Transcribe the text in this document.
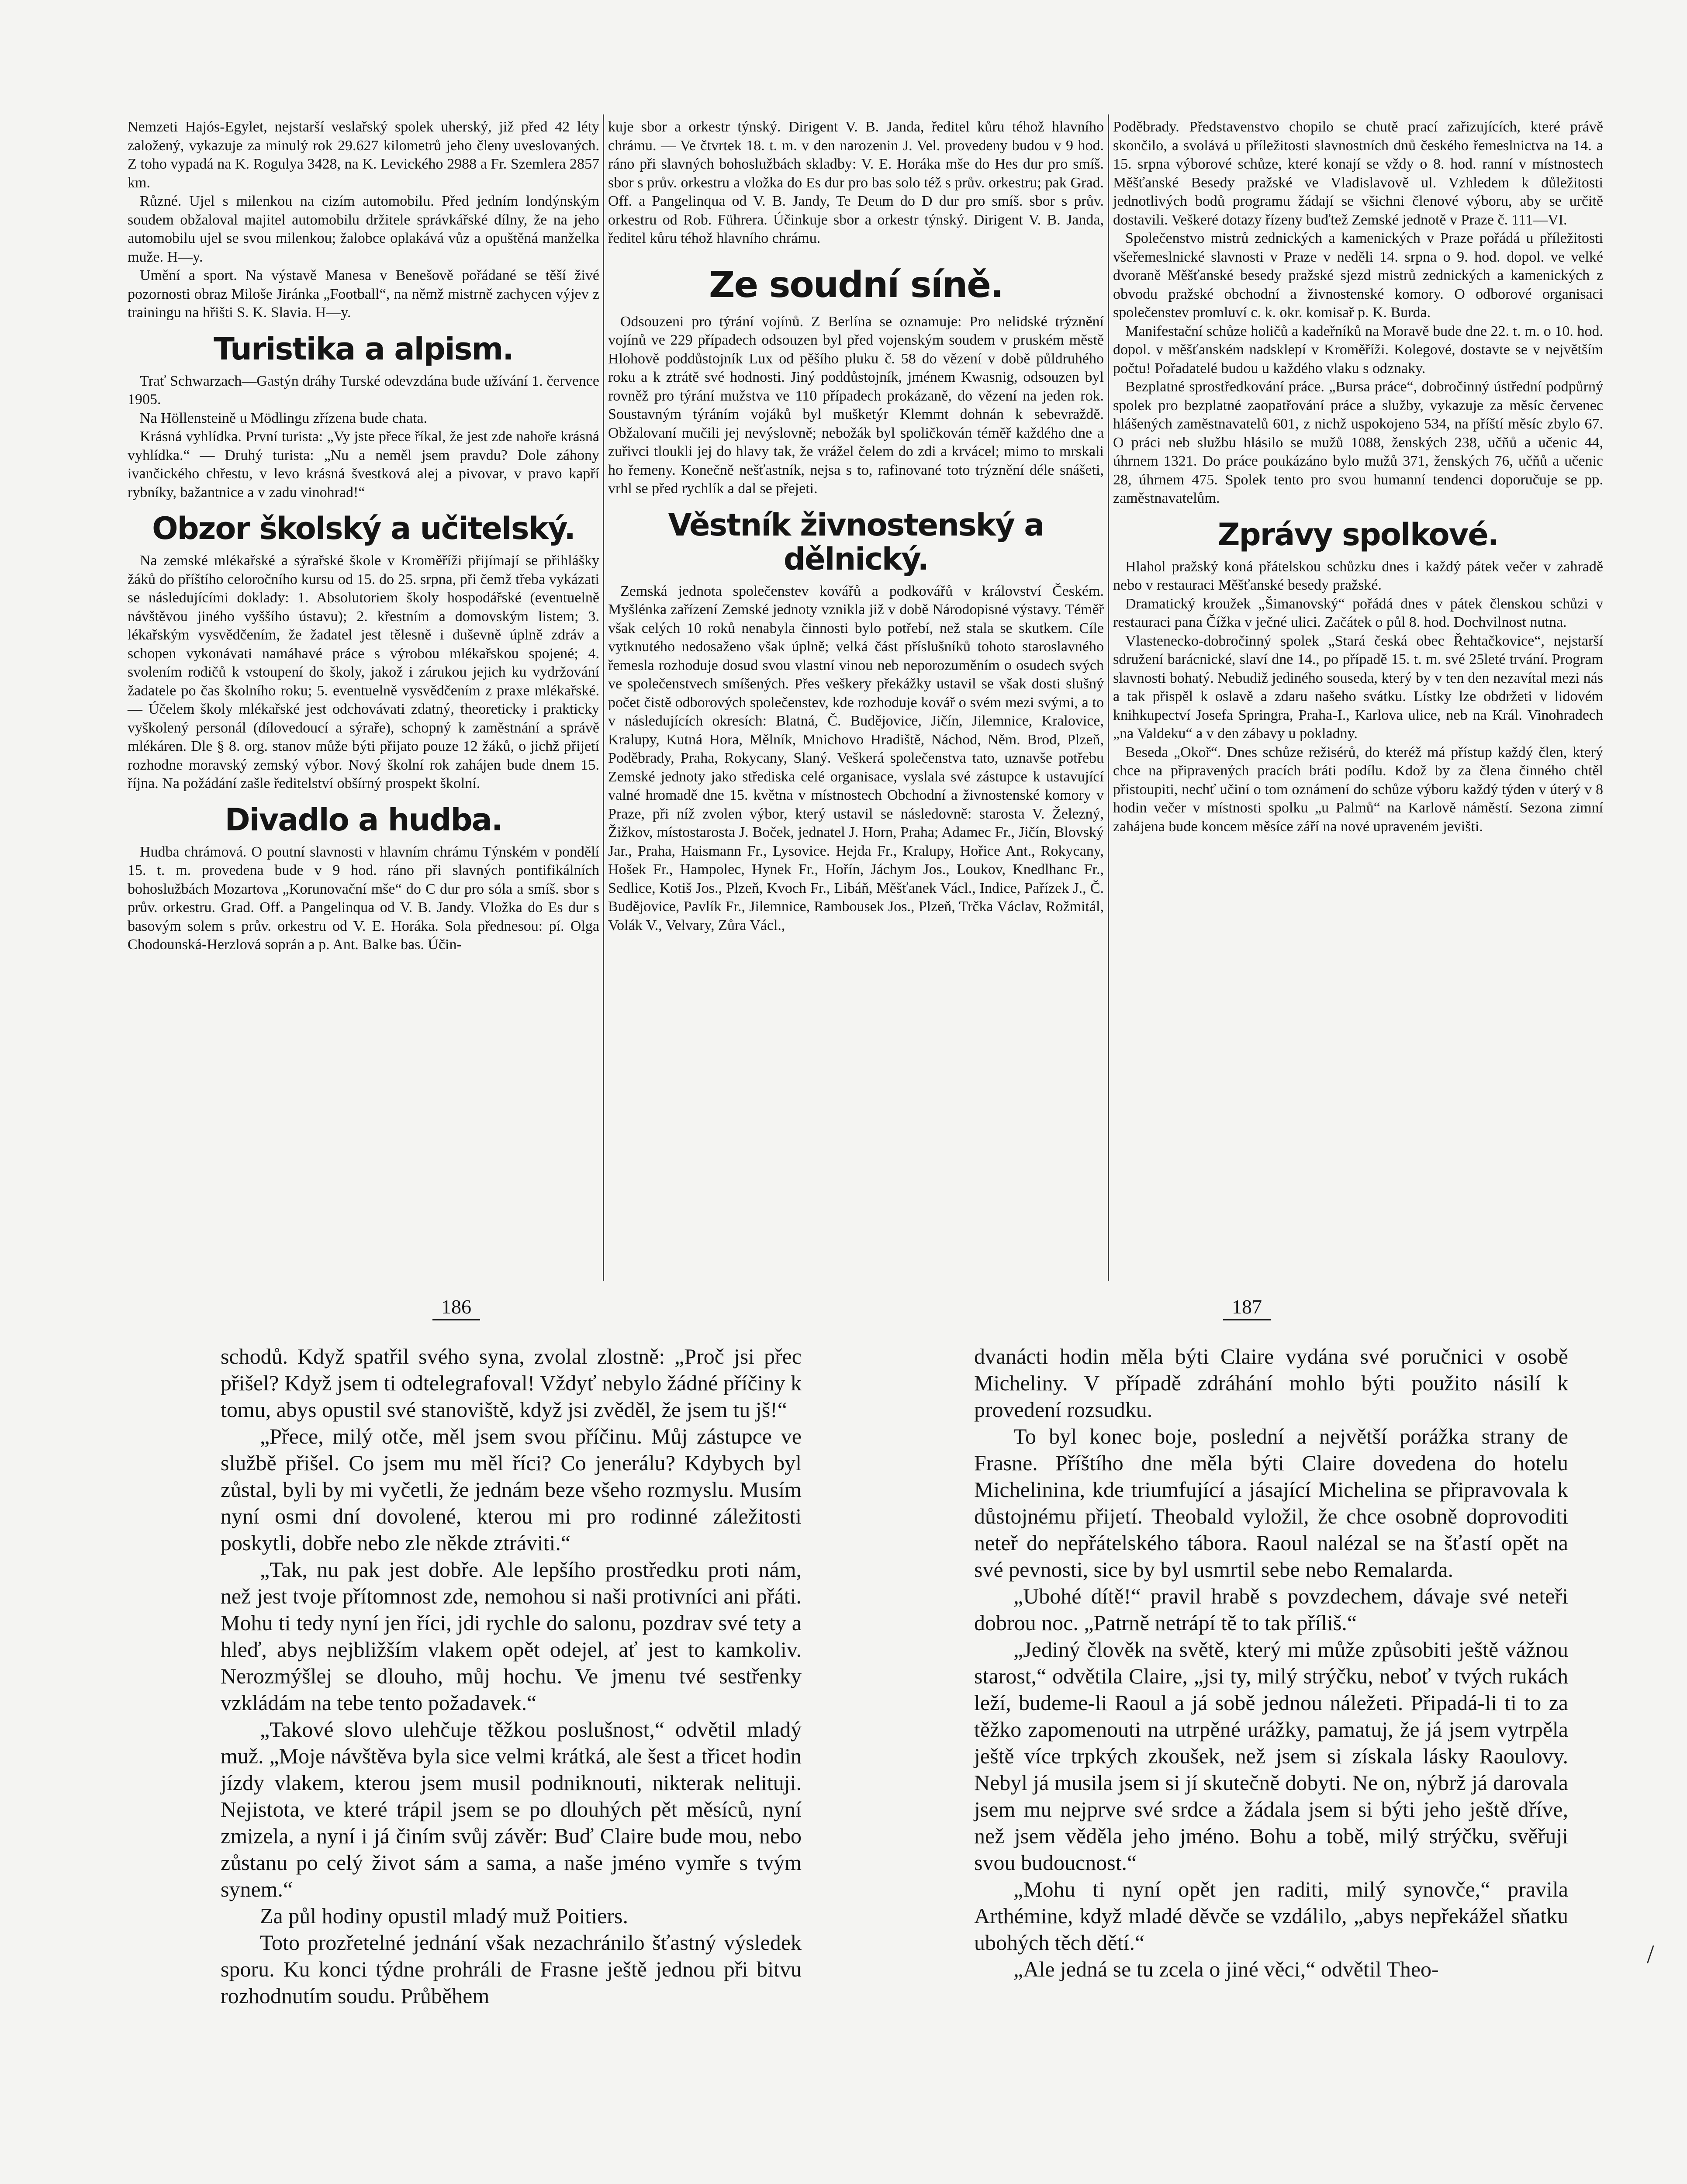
Nemzeti Hajós-Egylet, nejstarší veslařský spolek uherský, již před 42 léty založený, vykazuje za minulý rok 29.627 kilometrů jeho členy uveslovaných. Z toho vypadá na K. Rogulya 3428, na K. Levického 2988 a Fr. Szemlera 2857 km.

Různé. Ujel s milenkou na cizím automobilu. Před jedním londýnským soudem obžaloval majitel automobilu držitele správkářské dílny, že na jeho automobilu ujel se svou milenkou; žalobce oplakává vůz a opuštěná manželka muže. H—y.

Umění a sport. Na výstavě Manesa v Benešově pořádané se těší živé pozornosti obraz Miloše Jiránka „Football“, na němž mistrně zachycen výjev z trainingu na hřišti S. K. Slavia. H—y.

Turistika a alpism.

Trať Schwarzach—Gastýn dráhy Turské odevzdána bude užívání 1. července 1905.

Na Höllensteině u Mödlingu zřízena bude chata.

Krásná vyhlídka. První turista: „Vy jste přece říkal, že jest zde nahoře krásná vyhlídka.“ — Druhý turista: „Nu a neměl jsem pravdu? Dole záhony ivančického chřestu, v levo krásná švestková alej a pivovar, v pravo kapří rybníky, bažantnice a v zadu vinohrad!“

Obzor školský a učitelský.

Na zemské mlékařské a sýrařské škole v Kroměříži přijímají se přihlášky žáků do příštího celoročního kursu od 15. do 25. srpna, při čemž třeba vykázati se následujícími doklady: 1. Absolutoriem školy hospodářské (eventuelně návštěvou jiného vyššího ústavu); 2. křestním a domovským listem; 3. lékařským vysvědčením, že žadatel jest tělesně i duševně úplně zdráv a schopen vykonávati namáhavé práce s výrobou mlékařskou spojené; 4. svolením rodičů k vstoupení do školy, jakož i zárukou jejich ku vydržování žadatele po čas školního roku; 5. eventuelně vysvědčením z praxe mlékařské. — Účelem školy mlékařské jest odchovávati zdatný, theoreticky i prakticky vyškolený personál (dílovedoucí a sýraře), schopný k zaměstnání a správě mlékáren. Dle § 8. org. stanov může býti přijato pouze 12 žáků, o jichž přijetí rozhodne moravský zemský výbor. Nový školní rok zahájen bude dnem 15. října. Na požádání zašle ředitelství obšírný prospekt školní.

Divadlo a hudba.

Hudba chrámová. O poutní slavnosti v hlavním chrámu Týnském v pondělí 15. t. m. provedena bude v 9 hod. ráno při slavných pontifikálních bohoslužbách Mozartova „Korunovační mše“ do C dur pro sóla a smíš. sbor s prův. orkestru. Grad. Off. a Pangelinqua od V. B. Jandy. Vložka do Es dur s basovým solem s prův. orkestru od V. E. Horáka. Sola přednesou: pí. Olga Chodounská-Herzlová soprán a p. Ant. Balke bas. Účin-

kuje sbor a orkestr týnský. Dirigent V. B. Janda, ředitel kůru téhož hlavního chrámu. — Ve čtvrtek 18. t. m. v den narozenin J. Vel. provedeny budou v 9 hod. ráno při slavných bohoslužbách skladby: V. E. Horáka mše do Hes dur pro smíš. sbor s prův. orkestru a vložka do Es dur pro bas solo též s prův. orkestru; pak Grad. Off. a Pangelinqua od V. B. Jandy, Te Deum do D dur pro smíš. sbor s prův. orkestru od Rob. Führera. Účinkuje sbor a orkestr týnský. Dirigent V. B. Janda, ředitel kůru téhož hlavního chrámu.

Ze soudní síně.

Odsouzeni pro týrání vojínů. Z Berlína se oznamuje: Pro nelidské trýznění vojínů ve 229 případech odsouzen byl před vojenským soudem v pruském městě Hlohově poddůstojník Lux od pěšího pluku č. 58 do vězení v době půldruhého roku a k ztrátě své hodnosti. Jiný poddůstojník, jménem Kwasnig, odsouzen byl rovněž pro týrání mužstva ve 110 případech prokázaně, do vězení na jeden rok. Soustavným týráním vojáků byl mušketýr Klemmt dohnán k sebevraždě. Obžalovaní mučili jej nevýslovně; nebožák byl spoličkován téměř každého dne a zuřivci tloukli jej do hlavy tak, že vrážel čelem do zdi a krvácel; mimo to mrskali ho řemeny. Konečně nešťastník, nejsa s to, rafinované toto trýznění déle snášeti, vrhl se před rychlík a dal se přejeti.

Věstník živnostenský a dělnický.

Zemská jednota společenstev kovářů a podkovářů v království Českém. Myšlénka zařízení Zemské jednoty vznikla již v době Národopisné výstavy. Téměř však celých 10 roků nenabyla činnosti bylo potřebí, než stala se skutkem. Cíle vytknutého nedosaženo však úplně; velká část příslušníků tohoto staroslavného řemesla rozhoduje dosud svou vlastní vinou neb neporozuměním o osudech svých ve společenstvech smíšených. Přes veškery překážky ustavil se však dosti slušný počet čistě odborových společenstev, kde rozhoduje kovář o svém mezi svými, a to v následujících okresích: Blatná, Č. Budějovice, Jičín, Jilemnice, Kralovice, Kralupy, Kutná Hora, Mělník, Mnichovo Hradiště, Náchod, Něm. Brod, Plzeň, Poděbrady, Praha, Rokycany, Slaný. Veškerá společenstva tato, uznavše potřebu Zemské jednoty jako střediska celé organisace, vyslala své zástupce k ustavující valné hromadě dne 15. května v místnostech Obchodní a živnostenské komory v Praze, při níž zvolen výbor, který ustavil se následovně: starosta V. Železný, Žižkov, místostarosta J. Boček, jednatel J. Horn, Praha; Adamec Fr., Jičín, Blovský Jar., Praha, Haismann Fr., Lysovice. Hejda Fr., Kralupy, Hořice Ant., Rokycany, Hošek Fr., Hampolec, Hynek Fr., Hořín, Jáchym Jos., Loukov, Knedlhanc Fr., Sedlice, Kotiš Jos., Plzeň, Kvoch Fr., Libáň, Měšťanek Václ., Indice, Pařízek J., Č. Budějovice, Pavlík Fr., Jilemnice, Rambousek Jos., Plzeň, Trčka Václav, Rožmitál, Volák V., Velvary, Zůra Václ.,

Poděbrady. Představenstvo chopilo se chutě prací zařizujících, které právě skončilo, a svolává u příležitosti slavnostních dnů českého řemeslnictva na 14. a 15. srpna výborové schůze, které konají se vždy o 8. hod. ranní v místnostech Měšťanské Besedy pražské ve Vladislavově ul. Vzhledem k důležitosti jednotlivých bodů programu žádají se všichni členové výboru, aby se určitě dostavili. Veškeré dotazy řízeny buďtež Zemské jednotě v Praze č. 111—VI.

Společenstvo mistrů zednických a kamenických v Praze pořádá u příležitosti všeřemeslnické slavnosti v Praze v neděli 14. srpna o 9. hod. dopol. ve velké dvoraně Měšťanské besedy pražské sjezd mistrů zednických a kamenických z obvodu pražské obchodní a živnostenské komory. O odborové organisaci společenstev promluví c. k. okr. komisař p. K. Burda.

Manifestační schůze holičů a kadeřníků na Moravě bude dne 22. t. m. o 10. hod. dopol. v měšťanském nadsklepí v Kroměříži. Kolegové, dostavte se v největším počtu! Pořadatelé budou u každého vlaku s odznaky.

Bezplatné sprostředkování práce. „Bursa práce“, dobročinný ústřední podpůrný spolek pro bezplatné zaopatřování práce a služby, vykazuje za měsíc červenec hlášených zaměstnavatelů 601, z nichž uspokojeno 534, na příští měsíc zbylo 67. O práci neb službu hlásilo se mužů 1088, ženských 238, učňů a učenic 44, úhrnem 1321. Do práce poukázáno bylo mužů 371, ženských 76, učňů a učenic 28, úhrnem 475. Spolek tento pro svou humanní tendenci doporučuje se pp. zaměstnavatelům.

Zprávy spolkové.

Hlahol pražský koná přátelskou schůzku dnes i každý pátek večer v zahradě nebo v restauraci Měšťanské besedy pražské.

Dramatický kroužek „Šimanovský“ pořádá dnes v pátek členskou schůzi v restauraci pana Čížka v ječné ulici. Začátek o půl 8. hod. Dochvilnost nutna.

Vlastenecko-dobročinný spolek „Stará česká obec Řehtačkovice“, nejstarší sdružení barácnické, slaví dne 14., po případě 15. t. m. své 25leté trvání. Program slavnosti bohatý. Nebudiž jediného souseda, který by v ten den nezavítal mezi nás a tak přispěl k oslavě a zdaru našeho svátku. Lístky lze obdržeti v lidovém knihkupectví Josefa Springra, Praha-I., Karlova ulice, neb na Král. Vinohradech „na Valdeku“ a v den zábavy u pokladny.

Beseda „Okoř“. Dnes schůze režisérů, do kteréž má přístup každý člen, který chce na připravených pracích bráti podílu. Kdož by za člena činného chtěl přistoupiti, nechť učiní o tom oznámení do schůze výboru každý týden v úterý v 8 hodin večer v místnosti spolku „u Palmů“ na Karlově náměstí. Sezona zimní zahájena bude koncem měsíce září na nové upraveném jevišti.

186	187

schodů. Když spatřil svého syna, zvolal zlostně: „Proč jsi přec přišel? Když jsem ti odtelegrafoval! Vždyť nebylo žádné příčiny k tomu, abys opustil své stanoviště, když jsi zvěděl, že jsem tu jš!“

„Přece, milý otče, měl jsem svou příčinu. Můj zástupce ve službě přišel. Co jsem mu měl říci? Co jenerálu? Kdybych byl zůstal, byli by mi vyčetli, že jednám beze všeho rozmyslu. Musím nyní osmi dní dovolené, kterou mi pro rodinné záležitosti poskytli, dobře nebo zle někde ztráviti.“

„Tak, nu pak jest dobře. Ale lepšího prostředku proti nám, než jest tvoje přítomnost zde, nemohou si naši protivníci ani přáti. Mohu ti tedy nyní jen říci, jdi rychle do salonu, pozdrav své tety a hleď, abys nejbližším vlakem opět odejel, ať jest to kamkoliv. Nerozmýšlej se dlouho, můj hochu. Ve jmenu tvé sestřenky vzkládám na tebe tento požadavek.“

„Takové slovo ulehčuje těžkou poslušnost,“ odvětil mladý muž. „Moje návštěva byla sice velmi krátká, ale šest a třicet hodin jízdy vlakem, kterou jsem musil podniknouti, nikterak nelituji. Nejistota, ve které trápil jsem se po dlouhých pět měsíců, nyní zmizela, a nyní i já činím svůj závěr: Buď Claire bude mou, nebo zůstanu po celý život sám a sama, a naše jméno vymře s tvým synem.“

Za půl hodiny opustil mladý muž Poitiers.

Toto prozřetelné jednání však nezachránilo šťastný výsledek sporu. Ku konci týdne prohráli de Frasne ještě jednou při bitvu rozhodnutím soudu. Průběhem

dvanácti hodin měla býti Claire vydána své poručnici v osobě Micheliny. V případě zdráhání mohlo býti použito násilí k provedení rozsudku.

To byl konec boje, poslední a největší porážka strany de Frasne. Příštího dne měla býti Claire dovedena do hotelu Michelinina, kde triumfující a jásající Michelina se připravovala k důstojnému přijetí. Theobald vyložil, že chce osobně doprovoditi neteř do nepřátelského tábora. Raoul nalézal se na šťastí opět na své pevnosti, sice by byl usmrtil sebe nebo Remalarda.

„Ubohé dítě!“ pravil hrabě s povzdechem, dávaje své neteři dobrou noc. „Patrně netrápí tě to tak příliš.“

„Jediný člověk na světě, který mi může způsobiti ještě vážnou starost,“ odvětila Claire, „jsi ty, milý strýčku, neboť v tvých rukách leží, budeme-li Raoul a já sobě jednou náležeti. Připadá-li ti to za těžko zapomenouti na utrpěné urážky, pamatuj, že já jsem vytrpěla ještě více trpkých zkoušek, než jsem si získala lásky Raoulovy. Nebyl já musila jsem si jí skutečně dobyti. Ne on, nýbrž já darovala jsem mu nejprve své srdce a žádala jsem si býti jeho ještě dříve, než jsem věděla jeho jméno. Bohu a tobě, milý strýčku, svěřuji svou budoucnost.“

„Mohu ti nyní opět jen raditi, milý synovče,“ pravila Arthémine, když mladé děvče se vzdálilo, „abys nepřekážel sňatku ubohých těch dětí.“

„Ale jedná se tu zcela o jiné věci,“ odvětil Theo-

/
